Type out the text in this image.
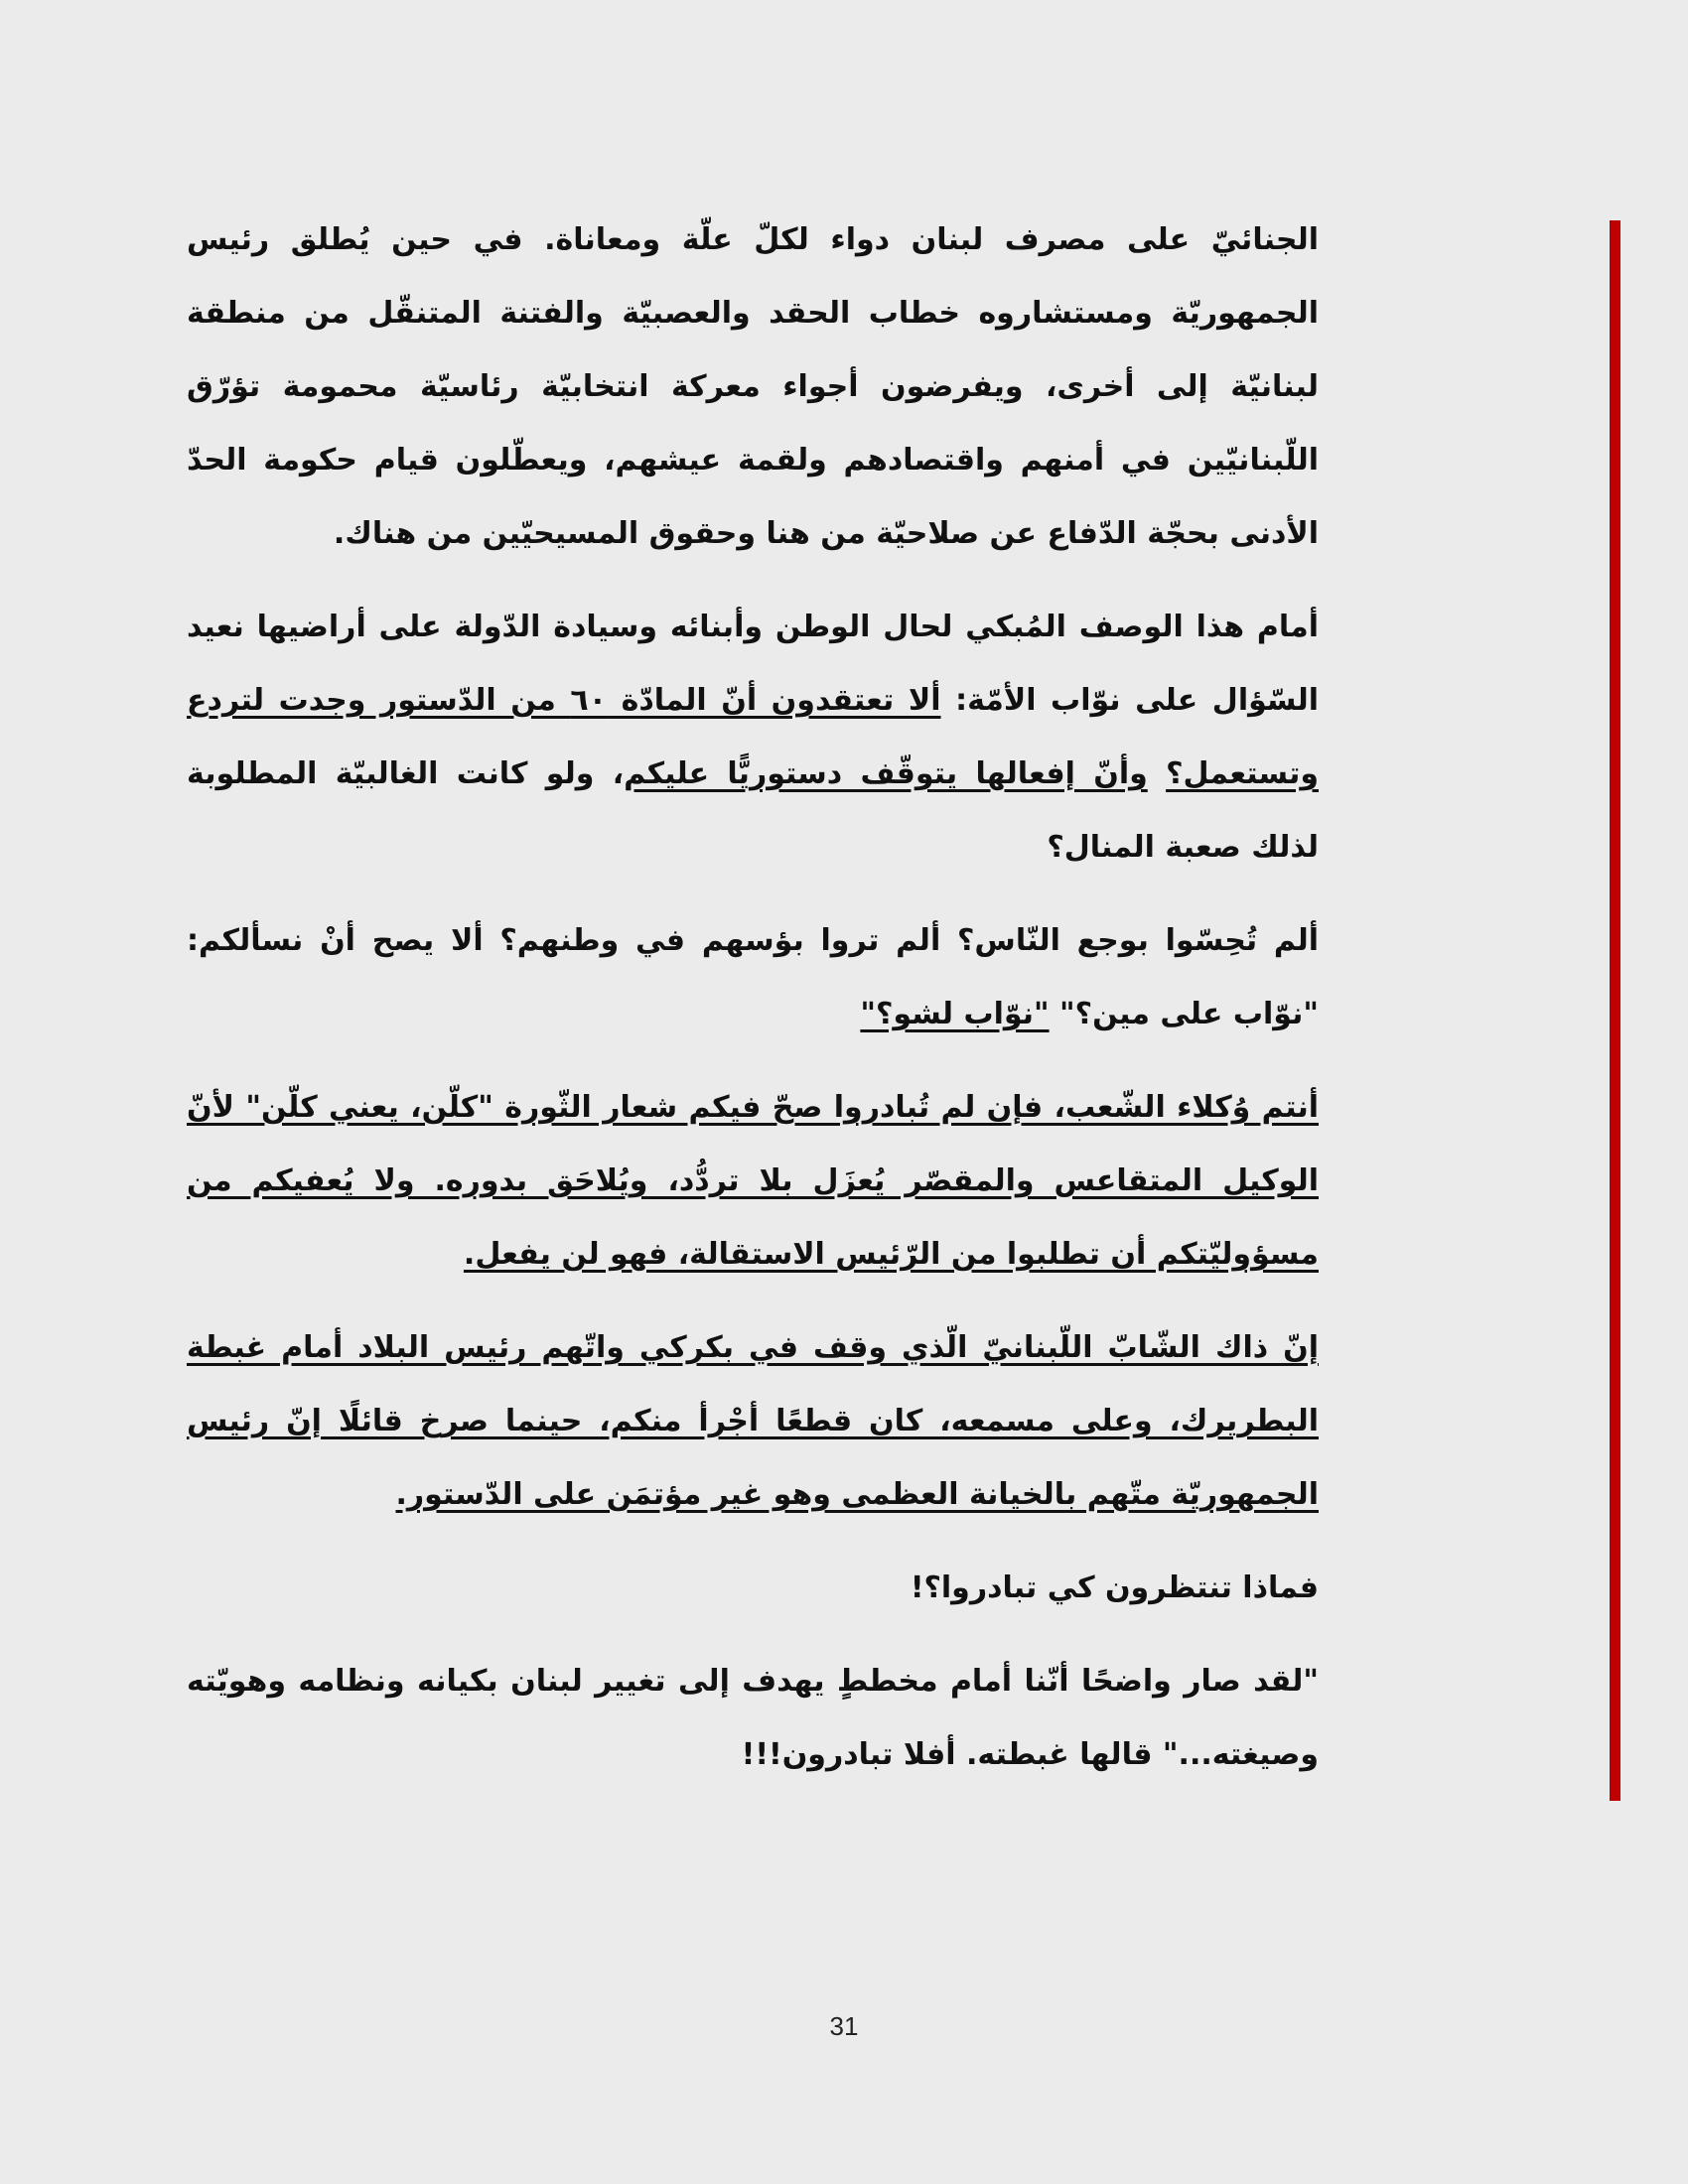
الجنائيّ على مصرف لبنان دواء لكلّ علّة ومعاناة. في حين يُطلق رئيس الجمهوريّة ومستشاروه خطاب الحقد والعصبيّة والفتنة المتنقّل من منطقة لبنانيّة إلى أخرى، ويفرضون أجواء معركة انتخابيّة رئاسيّة محمومة تؤرّق اللّبنانيّين في أمنهم واقتصادهم ولقمة عيشهم، ويعطّلون قيام حكومة الحدّ الأدنى بحجّة الدّفاع عن صلاحيّة من هنا وحقوق المسيحيّين من هناك.

أمام هذا الوصف المُبكي لحال الوطن وأبنائه وسيادة الدّولة على أراضيها نعيد السّؤال على نوّاب الأمّة: ألا تعتقدون أنّ المادّة ٦٠ من الدّستور وجدت لتردع وتستعمل؟ وأنّ إفعالها يتوقّف دستوريًّا عليكم، ولو كانت الغالبيّة المطلوبة لذلك صعبة المنال؟

ألم تُحِسّوا بوجع النّاس؟ ألم تروا بؤسهم في وطنهم؟ ألا يصح أنْ نسألكم: "نوّاب على مين؟" "نوّاب لشو؟"

أنتم وُكلاء الشّعب، فإن لم تُبادروا صحّ فيكم شعار الثّورة "كلّن، يعني كلّن" لأنّ الوكيل المتقاعس والمقصّر يُعزَل بلا تردُّد، ويُلاحَق بدوره. ولا يُعفيكم من مسؤوليّتكم أن تطلبوا من الرّئيس الاستقالة، فهو لن يفعل.

إنّ ذاك الشّابّ اللّبنانيّ الّذي وقف في بكركي واتّهم رئيس البلاد أمام غبطة البطريرك، وعلى مسمعه، كان قطعًا أجْرأ منكم، حينما صرخ قائلًا إنّ رئيس الجمهوريّة متّهم بالخيانة العظمى وهو غير مؤتمَن على الدّستور.

فماذا تنتظرون كي تبادروا؟!

"لقد صار واضحًا أنّنا أمام مخططٍ يهدف إلى تغيير لبنان بكيانه ونظامه وهويّته وصيغته..." قالها غبطته. أفلا تبادرون!!!

31
